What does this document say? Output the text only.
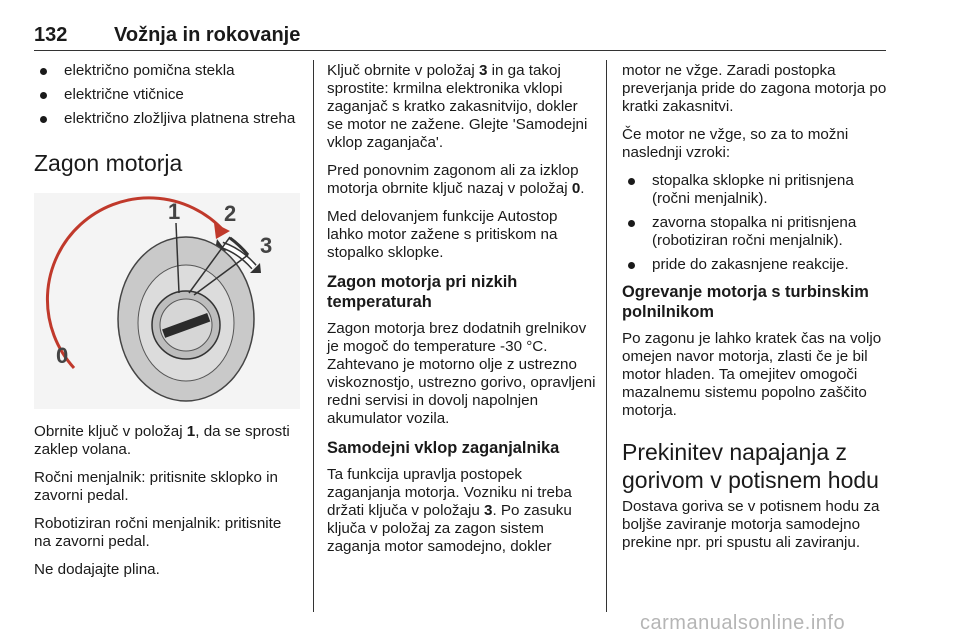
132 Vožnja in rokovanje
električno pomična stekla
električne vtičnice
električno zložljiva platnena streha
Zagon motorja
0
1 2
3

Obrnite ključ v položaj 1, da se sprosti zaklep volana.

Ročni menjalnik: pritisnite sklopko in zavorni pedal.

Robotiziran ročni menjalnik: pritisnite na zavorni pedal.

Ne dodajajte plina.

Ključ obrnite v položaj 3 in ga takoj sprostite: krmilna elektronika vklopi zaganjač s kratko zakasnitvijo, dokler se motor ne zažene. Glejte 'Samodejni vklop zaganjača'.

Pred ponovnim zagonom ali za izklop motorja obrnite ključ nazaj v položaj 0.

Med delovanjem funkcije Autostop lahko motor zažene s pritiskom na stopalko sklopke.

Zagon motorja pri nizkih temperaturah

Zagon motorja brez dodatnih grelnikov je mogoč do temperature -30 °C. Zahtevano je motorno olje z ustrezno viskoznostjo, ustrezno gorivo, opravljeni redni servisi in dovolj napolnjen akumulator vozila.

Samodejni vklop zaganjalnika

Ta funkcija upravlja postopek zaganjanja motorja. Vozniku ni treba držati ključa v položaju 3. Po zasuku ključa v položaj za zagon sistem zaganja motor samodejno, dokler

motor ne vžge. Zaradi postopka preverjanja pride do zagona motorja po kratki zakasnitvi.

Če motor ne vžge, so za to možni naslednji vzroki:

stopalka sklopke ni pritisnjena (ročni menjalnik).
zavorna stopalka ni pritisnjena (robotiziran ročni menjalnik).
pride do zakasnjene reakcije.
Ogrevanje motorja s turbinskim polnilnikom

Po zagonu je lahko kratek čas na voljo omejen navor motorja, zlasti če je bil motor hladen. Ta omejitev omogoči mazalnemu sistemu popolno zaščito motorja.

Prekinitev napajanja z gorivom v potisnem hodu

Dostava goriva se v potisnem hodu za boljše zaviranje motorja samodejno prekine npr. pri spustu ali zaviranju.

carmanualsonline.info
